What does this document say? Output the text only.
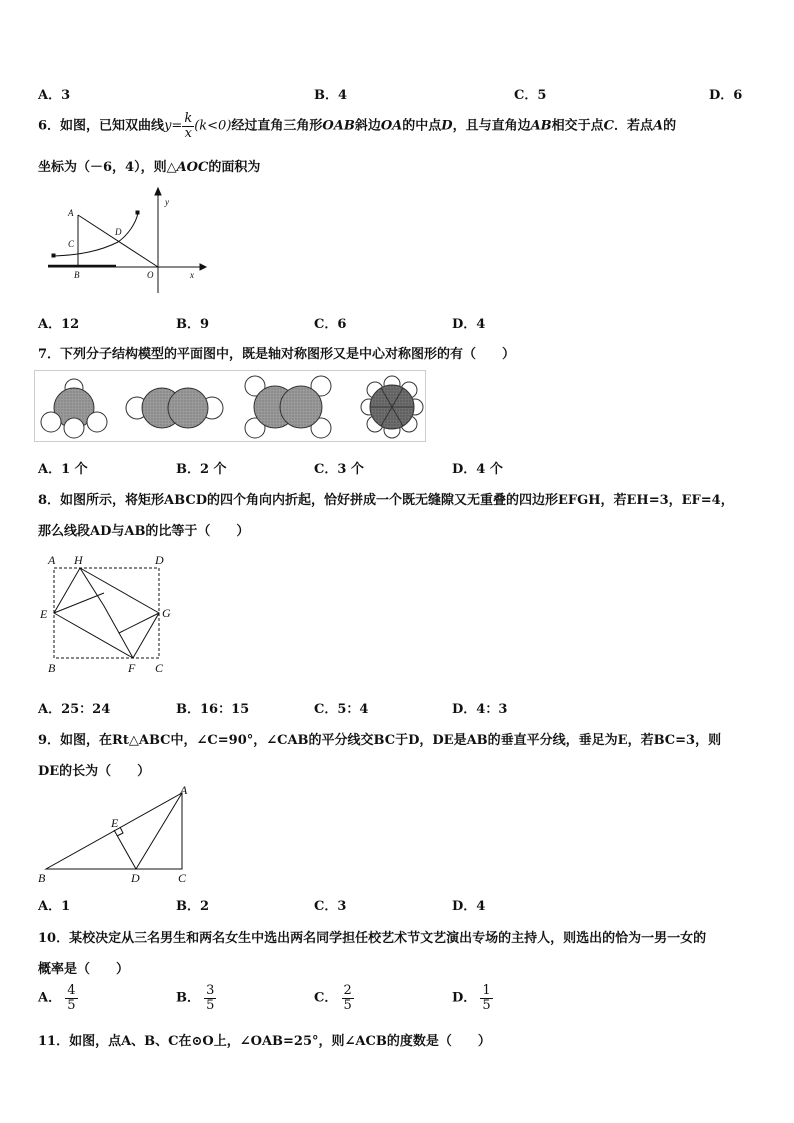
A．3	B．4	C．5	D．6
6．如图，已知双曲线$y= \frac{k}{x} (k<0)$经过直角三角形OAB斜边OA的中点D，且与直角边AB相交于点C．若点A的
坐标为（－6，4），则△AOC的面积为
A
C
D
B	O	x
y
A．12	B．9	C．6	D．4
7．下列分子结构模型的平面图中，既是轴对称图形又是中心对称图形的有（　　）
A．1 个	B．2 个	C．3 个	D．4 个
8．如图所示，将矩形ABCD的四个角向内折起，恰好拼成一个既无缝隙又无重叠的四边形EFGH，若EH=3，EF=4，
那么线段AD与AB的比等于（　　）
A H	D
E	G
B	F C
A．25：24	B．16：15	C．5：4	D．4：3
9．如图，在Rt△ABC中，∠C=90°，∠CAB的平分线交BC于D，DE是AB的垂直平分线，垂足为E，若BC=3，则
DE的长为（　　）
A
E
B	D	C
A．1	B．2	C．3	D．4
10．某校决定从三名男生和两名女生中选出两名同学担任校艺术节文艺演出专场的主持人，则选出的恰为一男一女的
概率是（　　）
A． $\frac{4}{5}$	B． $\frac{3}{5}$	C． $\frac{2}{5}$	D． $\frac{1}{5}$
11．如图，点A、B、C在⊙O上，∠OAB=25°，则∠ACB的度数是（　　）
